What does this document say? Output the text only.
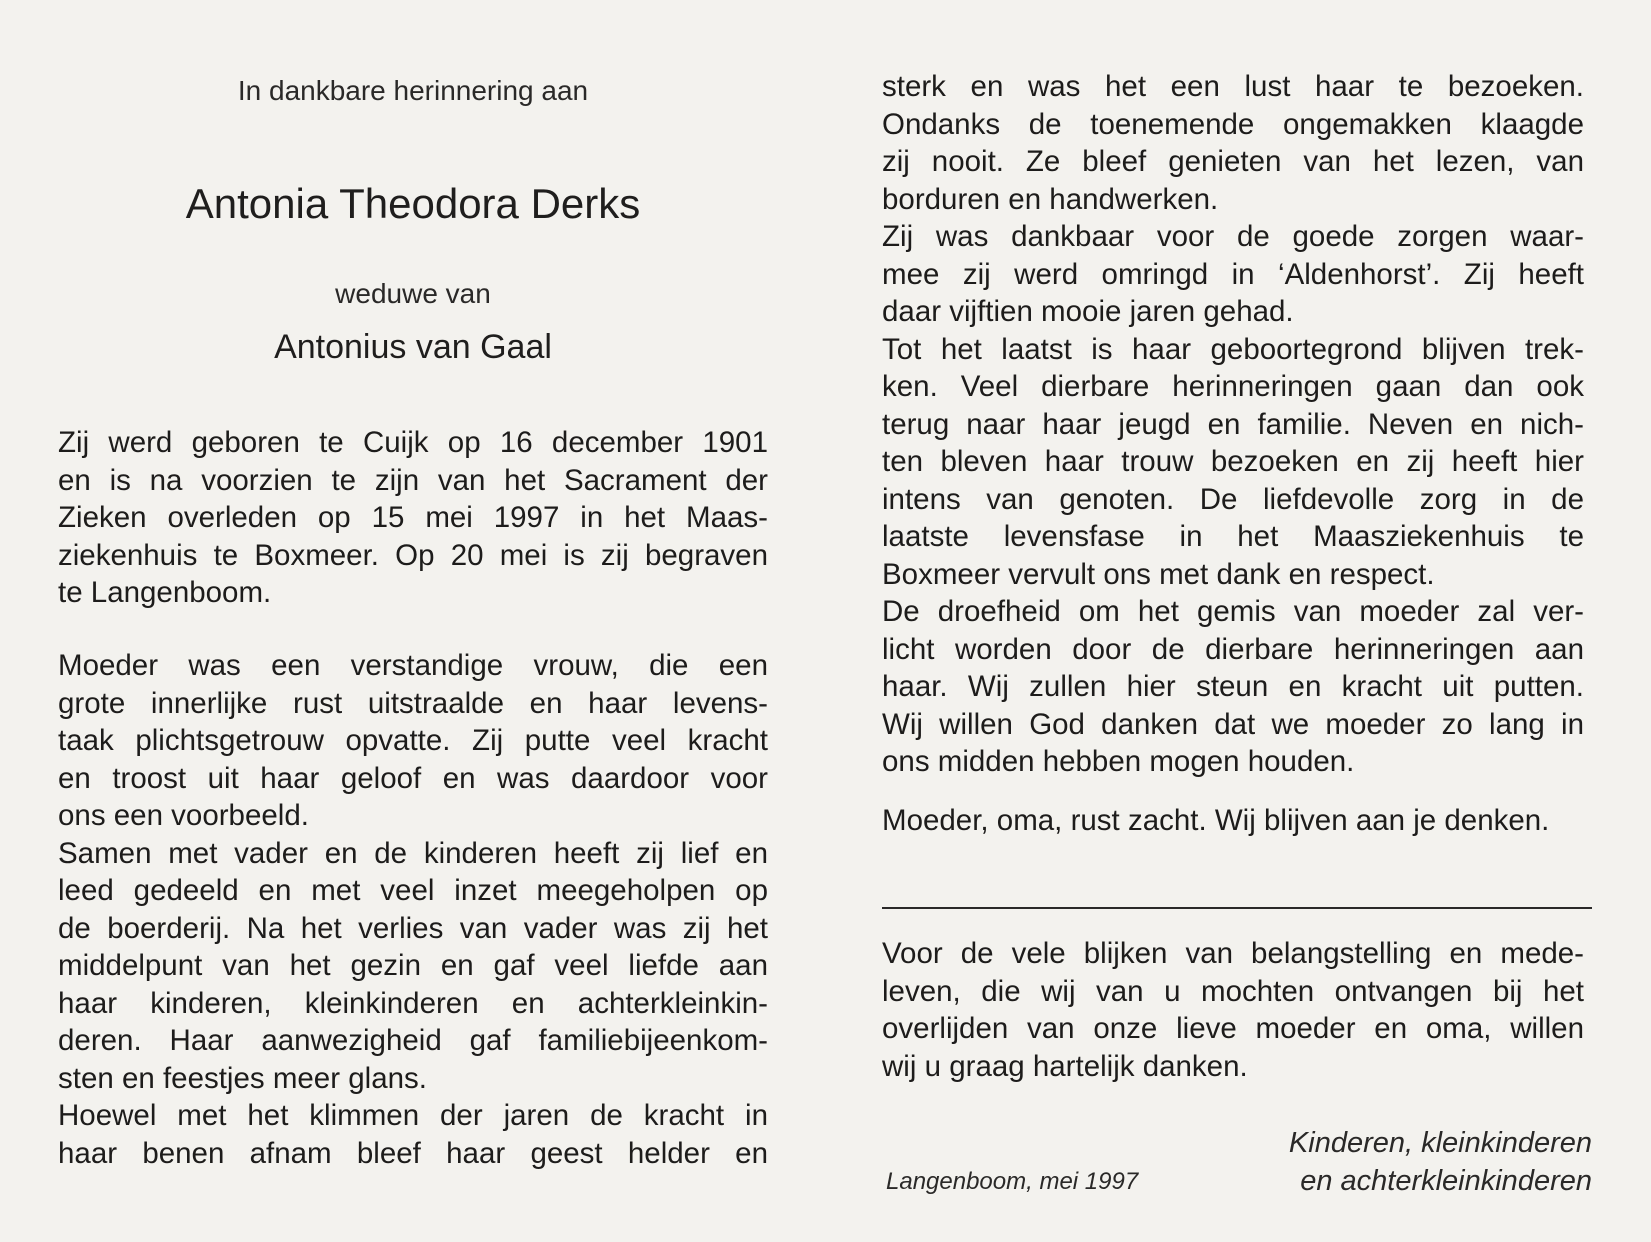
In dankbare herinnering aan
Antonia Theodora Derks
weduwe van
Antonius van Gaal
Zij werd geboren te Cuijk op 16 december 1901
en is na voorzien te zijn van het Sacrament der
Zieken overleden op 15 mei 1997 in het Maas-
ziekenhuis te Boxmeer. Op 20 mei is zij begraven
te Langenboom.
Moeder was een verstandige vrouw, die een
grote innerlijke rust uitstraalde en haar levens-
taak plichtsgetrouw opvatte. Zij putte veel kracht
en troost uit haar geloof en was daardoor voor
ons een voorbeeld.
Samen met vader en de kinderen heeft zij lief en
leed gedeeld en met veel inzet meegeholpen op
de boerderij. Na het verlies van vader was zij het
middelpunt van het gezin en gaf veel liefde aan
haar kinderen, kleinkinderen en achterkleinkin-
deren. Haar aanwezigheid gaf familiebijeenkom-
sten en feestjes meer glans.
Hoewel met het klimmen der jaren de kracht in
haar benen afnam bleef haar geest helder en
sterk en was het een lust haar te bezoeken.
Ondanks de toenemende ongemakken klaagde
zij nooit. Ze bleef genieten van het lezen, van
borduren en handwerken.
Zij was dankbaar voor de goede zorgen waar-
mee zij werd omringd in ‘Aldenhorst’. Zij heeft
daar vijftien mooie jaren gehad.
Tot het laatst is haar geboortegrond blijven trek-
ken. Veel dierbare herinneringen gaan dan ook
terug naar haar jeugd en familie. Neven en nich-
ten bleven haar trouw bezoeken en zij heeft hier
intens van genoten. De liefdevolle zorg in de
laatste levensfase in het Maasziekenhuis te
Boxmeer vervult ons met dank en respect.
De droefheid om het gemis van moeder zal ver-
licht worden door de dierbare herinneringen aan
haar. Wij zullen hier steun en kracht uit putten.
Wij willen God danken dat we moeder zo lang in
ons midden hebben mogen houden.
Moeder, oma, rust zacht. Wij blijven aan je denken.
Voor de vele blijken van belangstelling en mede-
leven, die wij van u mochten ontvangen bij het
overlijden van onze lieve moeder en oma, willen
wij u graag hartelijk danken.
Langenboom, mei 1997
Kinderen, kleinkinderen
en achterkleinkinderen
